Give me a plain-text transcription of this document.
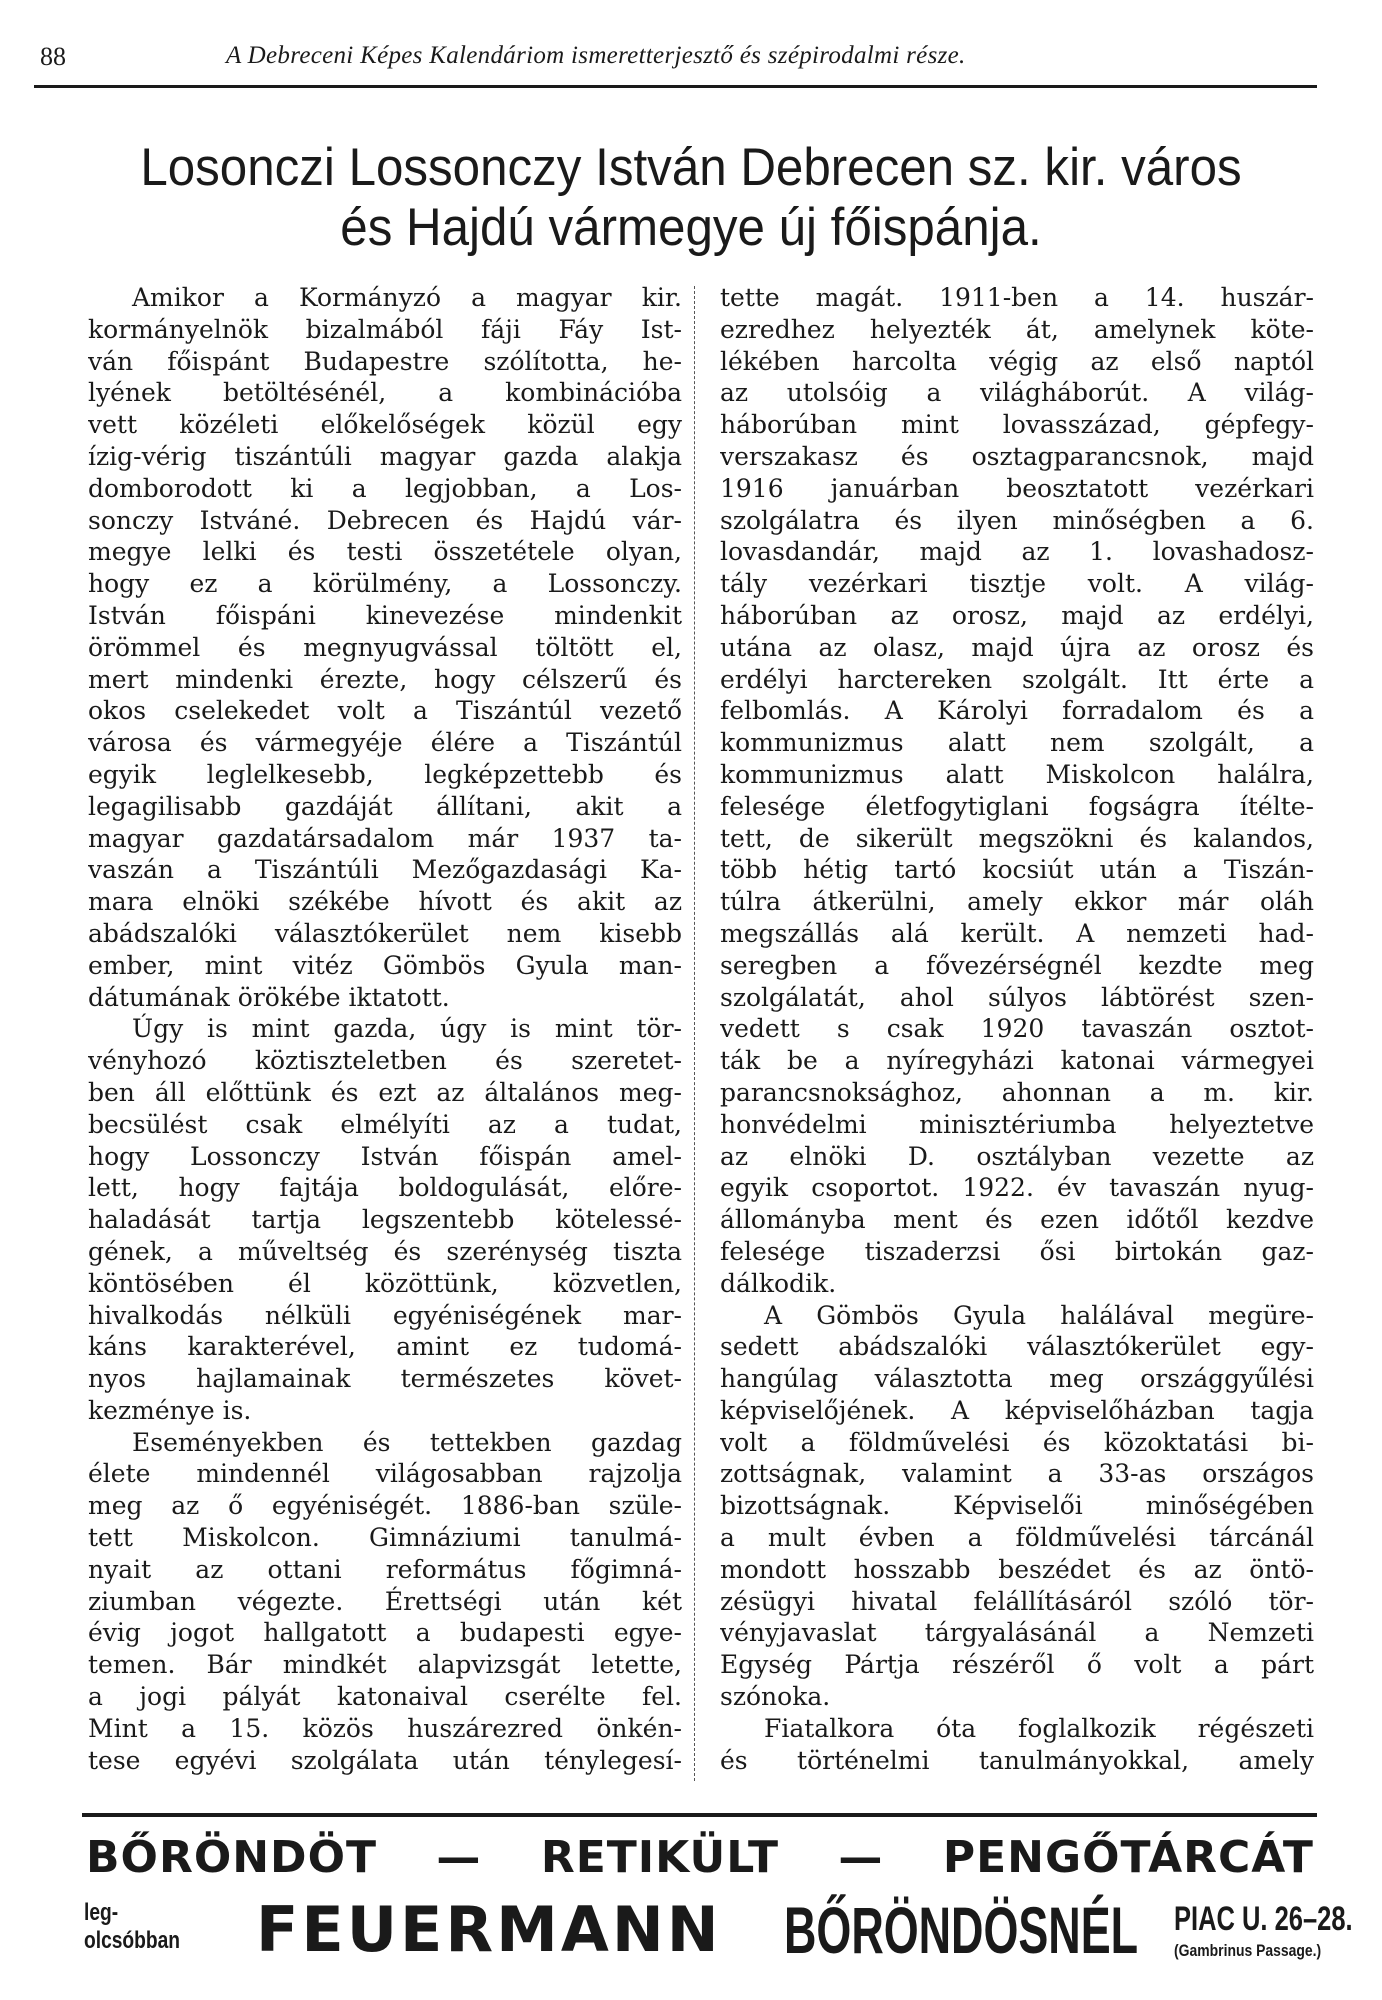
88	A Debreceni Képes Kalendáriom ismeretterjesztő és szépirodalmi része.
Losonczi Lossonczy István Debrecen sz. kir. város
és Hajdú vármegye új főispánja.
Amikor a Kormányzó a magyar kir.
kormányelnök bizalmából fáji Fáy Ist-
ván főispánt Budapestre szólította, he-
lyének betöltésénél, a kombinációba
vett közéleti előkelőségek közül egy
ízig-vérig tiszántúli magyar gazda alakja
domborodott ki a legjobban, a Los-
sonczy Istváné. Debrecen és Hajdú vár-
megye lelki és testi összetétele olyan,
hogy ez a körülmény, a Lossonczy.
István főispáni kinevezése mindenkit
örömmel és megnyugvással töltött el,
mert mindenki érezte, hogy célszerű és
okos cselekedet volt a Tiszántúl vezető
városa és vármegyéje élére a Tiszántúl
egyik leglelkesebb, legképzettebb és
legagilisabb gazdáját állítani, akit a
magyar gazdatársadalom már 1937 ta-
vaszán a Tiszántúli Mezőgazdasági Ka-
mara elnöki székébe hívott és akit az
abádszalóki választókerület nem kisebb
ember, mint vitéz Gömbös Gyula man-
dátumának örökébe iktatott.
Úgy is mint gazda, úgy is mint tör-
vényhozó köztiszteletben és szeretet-
ben áll előttünk és ezt az általános meg-
becsülést csak elmélyíti az a tudat,
hogy Lossonczy István főispán amel-
lett, hogy fajtája boldogulását, előre-
haladását tartja legszentebb kötelessé-
gének, a műveltség és szerénység tiszta
köntösében él közöttünk, közvetlen,
hivalkodás nélküli egyéniségének mar-
káns karakterével, amint ez tudomá-
nyos hajlamainak természetes követ-
kezménye is.
Eseményekben és tettekben gazdag
élete mindennél világosabban rajzolja
meg az ő egyéniségét. 1886-ban szüle-
tett Miskolcon. Gimnáziumi tanulmá-
nyait az ottani református főgimná-
ziumban végezte. Érettségi után két
évig jogot hallgatott a budapesti egye-
temen. Bár mindkét alapvizsgát letette,
a jogi pályát katonaival cserélte fel.
Mint a 15. közös huszárezred önkén-
tese egyévi szolgálata után ténylegesí-
tette magát. 1911-ben a 14. huszár-
ezredhez helyezték át, amelynek köte-
lékében harcolta végig az első naptól
az utolsóig a világháborút. A világ-
háborúban mint lovasszázad, gépfegy-
verszakasz és osztagparancsnok, majd
1916 januárban beosztatott vezérkari
szolgálatra és ilyen minőségben a 6.
lovasdandár, majd az 1. lovashadosz-
tály vezérkari tisztje volt. A világ-
háborúban az orosz, majd az erdélyi,
utána az olasz, majd újra az orosz és
erdélyi harctereken szolgált. Itt érte a
felbomlás. A Károlyi forradalom és a
kommunizmus alatt nem szolgált, a
kommunizmus alatt Miskolcon halálra,
felesége életfogytiglani fogságra ítélte-
tett, de sikerült megszökni és kalandos,
több hétig tartó kocsiút után a Tiszán-
túlra átkerülni, amely ekkor már oláh
megszállás alá került. A nemzeti had-
seregben a fővezérségnél kezdte meg
szolgálatát, ahol súlyos lábtörést szen-
vedett s csak 1920 tavaszán osztot-
ták be a nyíregyházi katonai vármegyei
parancsnoksághoz, ahonnan a m. kir.
honvédelmi minisztériumba helyeztetve
az elnöki D. osztályban vezette az
egyik csoportot. 1922. év tavaszán nyug-
állományba ment és ezen időtől kezdve
felesége tiszaderzsi ősi birtokán gaz-
dálkodik.
A Gömbös Gyula halálával megüre-
sedett abádszalóki választókerület egy-
hangúlag választotta meg országgyűlési
képviselőjének. A képviselőházban tagja
volt a földművelési és közoktatási bi-
zottságnak, valamint a 33-as országos
bizottságnak. Képviselői minőségében
a mult évben a földművelési tárcánál
mondott hosszabb beszédet és az öntö-
zésügyi hivatal felállításáról szóló tör-
vényjavaslat tárgyalásánál a Nemzeti
Egység Pártja részéről ő volt a párt
szónoka.
Fiatalkora óta foglalkozik régészeti
és történelmi tanulmányokkal, amely
BŐRÖNDÖT — RETIKÜLT — PENGŐTÁRCÁT
leg-
olcsóbban FEUERMANN BŐRÖNDÖSNÉL PIAC U. 26–28.
(Gambrinus Passage.)
